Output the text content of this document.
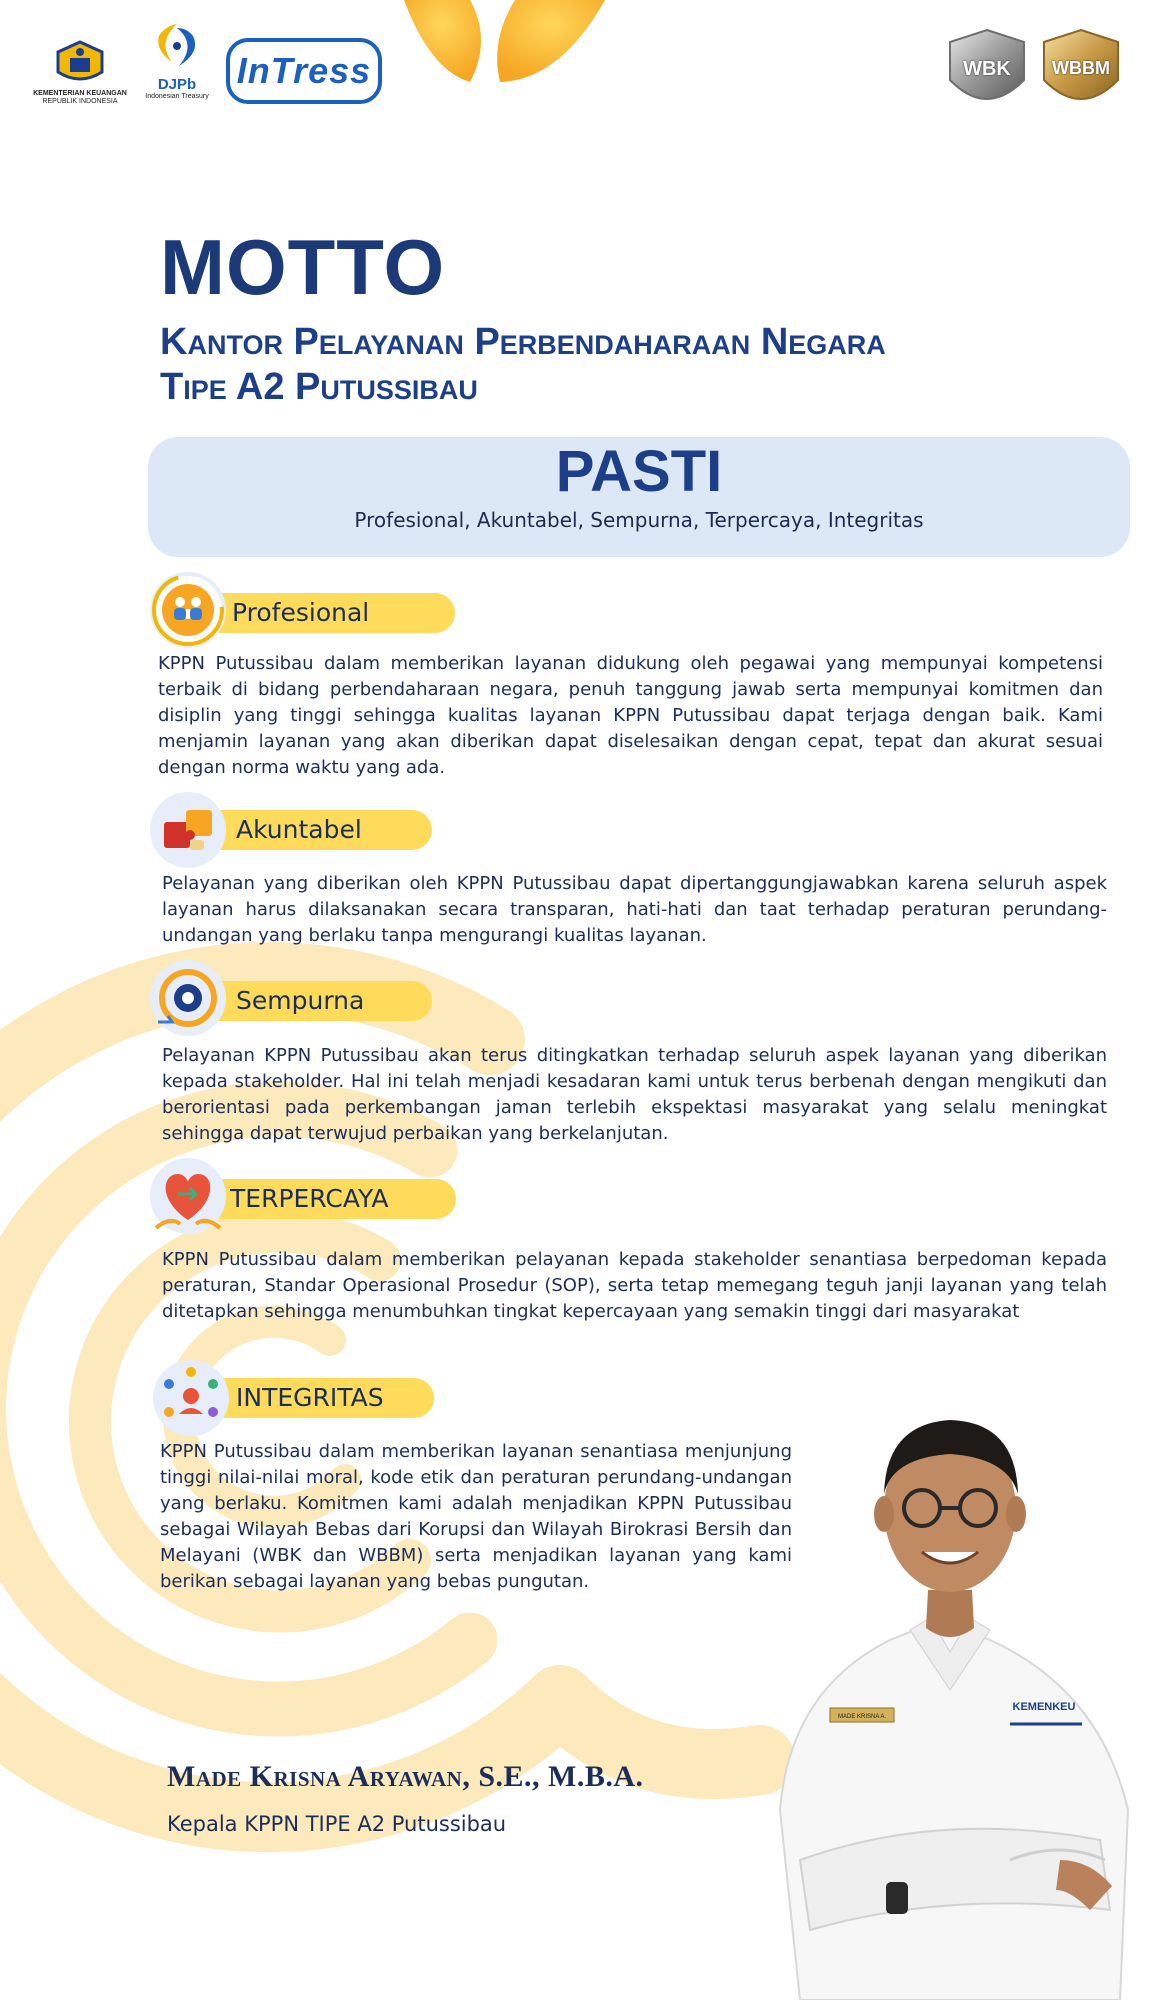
KEMENTERIAN KEUANGAN
REPUBLIK INDONESIA
DJPb
Indonesian Treasury
InTress	WBK	WBBM
MOTTO
Kantor Pelayanan Perbendaharaan Negara
Tipe A2 Putussibau
PASTI
Profesional, Akuntabel, Sempurna, Terpercaya, Integritas
Profesional
KPPN Putussibau dalam memberikan layanan didukung oleh pegawai yang mempunyai kompetensi terbaik di bidang perbendaharaan negara, penuh tanggung jawab serta mempunyai komitmen dan disiplin yang tinggi sehingga kualitas layanan KPPN Putussibau dapat terjaga dengan baik. Kami menjamin layanan yang akan diberikan dapat diselesaikan dengan cepat, tepat dan akurat sesuai dengan norma waktu yang ada.
Akuntabel
Pelayanan yang diberikan oleh KPPN Putussibau dapat dipertanggungjawabkan karena seluruh aspek layanan harus dilaksanakan secara transparan, hati-hati dan taat terhadap peraturan perundang-undangan yang berlaku tanpa mengurangi kualitas layanan.
Sempurna
Pelayanan KPPN Putussibau akan terus ditingkatkan terhadap seluruh aspek layanan yang diberikan kepada stakeholder. Hal ini telah menjadi kesadaran kami untuk terus berbenah dengan mengikuti dan berorientasi pada perkembangan jaman terlebih ekspektasi masyarakat yang selalu meningkat sehingga dapat terwujud perbaikan yang berkelanjutan.
TERPERCAYA
KPPN Putussibau dalam memberikan pelayanan kepada stakeholder senantiasa berpedoman kepada peraturan, Standar Operasional Prosedur (SOP), serta tetap memegang teguh janji layanan yang telah ditetapkan sehingga menumbuhkan tingkat kepercayaan yang semakin tinggi dari masyarakat
INTEGRITAS
KPPN Putussibau dalam memberikan layanan senantiasa menjunjung tinggi nilai-nilai moral, kode etik dan peraturan perundang-undangan yang berlaku. Komitmen kami adalah menjadikan KPPN Putussibau sebagai Wilayah Bebas dari Korupsi dan Wilayah Birokrasi Bersih dan Melayani (WBK dan WBBM) serta menjadikan layanan yang kami berikan sebagai layanan yang bebas pungutan.
Made Krisna Aryawan, S.E., M.B.A.
Kepala KPPN TIPE A2 Putussibau
MADE KRISNA A.
KEMENKEU
